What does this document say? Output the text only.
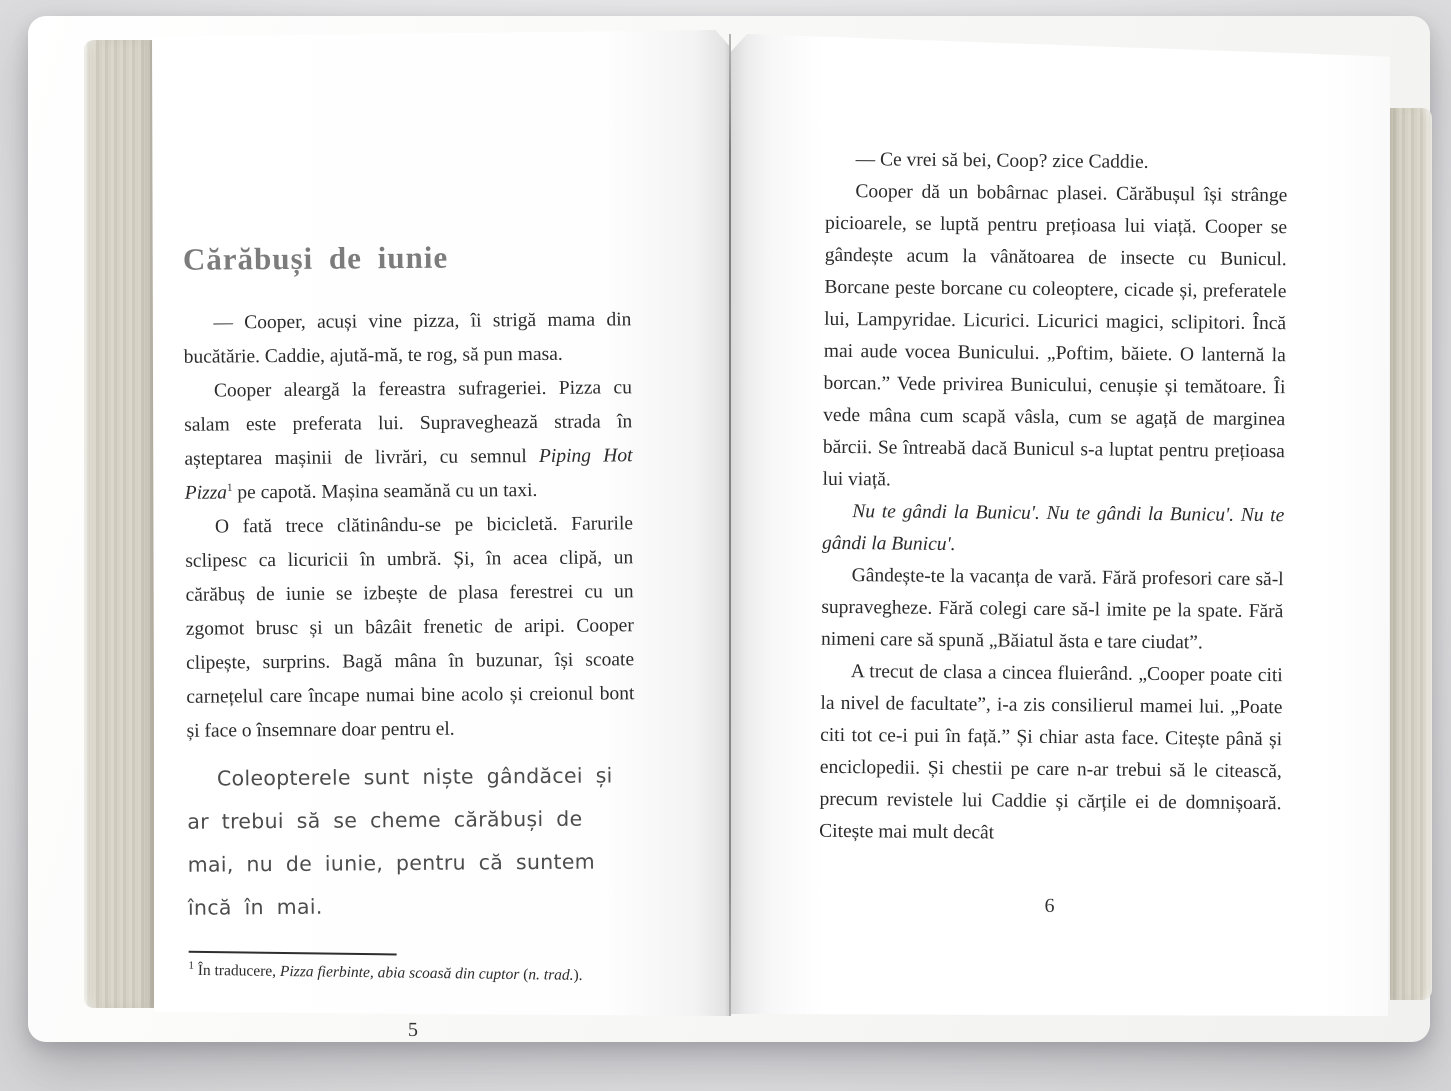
Cărăbuși de iunie

— Cooper, acuși vine pizza, îi strigă mama din bucătărie. Caddie, ajută-mă, te rog, să pun masa.

Cooper aleargă la fereastra sufrageriei. Pizza cu salam este preferata lui. Supraveghează strada în așteptarea mașinii de livrări, cu semnul Piping Hot Pizza$^1$ pe capotă. Mașina seamănă cu un taxi.

O fată trece clătinându-se pe bicicletă. Farurile sclipesc ca licuricii în umbră. Și, în acea clipă, un cărăbuș de iunie se izbește de plasa ferestrei cu un zgomot brusc și un bâzâit frenetic de aripi. Cooper clipește, surprins. Bagă mâna în buzunar, își scoate carnețelul care încape numai bine acolo și creionul bont și face o însemnare doar pentru el.

Coleopterele sunt niște gândăcei și ar trebui să se cheme cărăbuși de mai, nu de iunie, pentru că suntem încă în mai.

$^1$ În traducere, Pizza fierbinte, abia scoasă din cuptor (n. trad.).

5

— Ce vrei să bei, Coop? zice Caddie.

Cooper dă un bobârnac plasei. Cărăbușul își strânge picioarele, se luptă pentru prețioasa lui viață. Cooper se gândește acum la vânătoarea de insecte cu Bunicul. Borcane peste borcane cu coleoptere, cicade și, preferatele lui, Lampyridae. Licurici. Licurici magici, sclipitori. Încă mai aude vocea Bunicului. „Poftim, băiete. O lanternă la borcan.” Vede privirea Bunicului, cenușie și temătoare. Îi vede mâna cum scapă vâsla, cum se agață de marginea bărcii. Se întreabă dacă Bunicul s-a luptat pentru prețioasa lui viață.

Nu te gândi la Bunicu'. Nu te gândi la Bunicu'. Nu te gândi la Bunicu'.

Gândește-te la vacanța de vară. Fără profesori care să-l supravegheze. Fără colegi care să-l imite pe la spate. Fără nimeni care să spună „Băiatul ăsta e tare ciudat”.

A trecut de clasa a cincea fluierând. „Cooper poate citi la nivel de facultate”, i-a zis consilierul mamei lui. „Poate citi tot ce-i pui în față.” Și chiar asta face. Citește până și enciclopedii. Și chestii pe care n-ar trebui să le citească, precum revistele lui Caddie și cărțile ei de domnișoară. Citește mai mult decât

6
